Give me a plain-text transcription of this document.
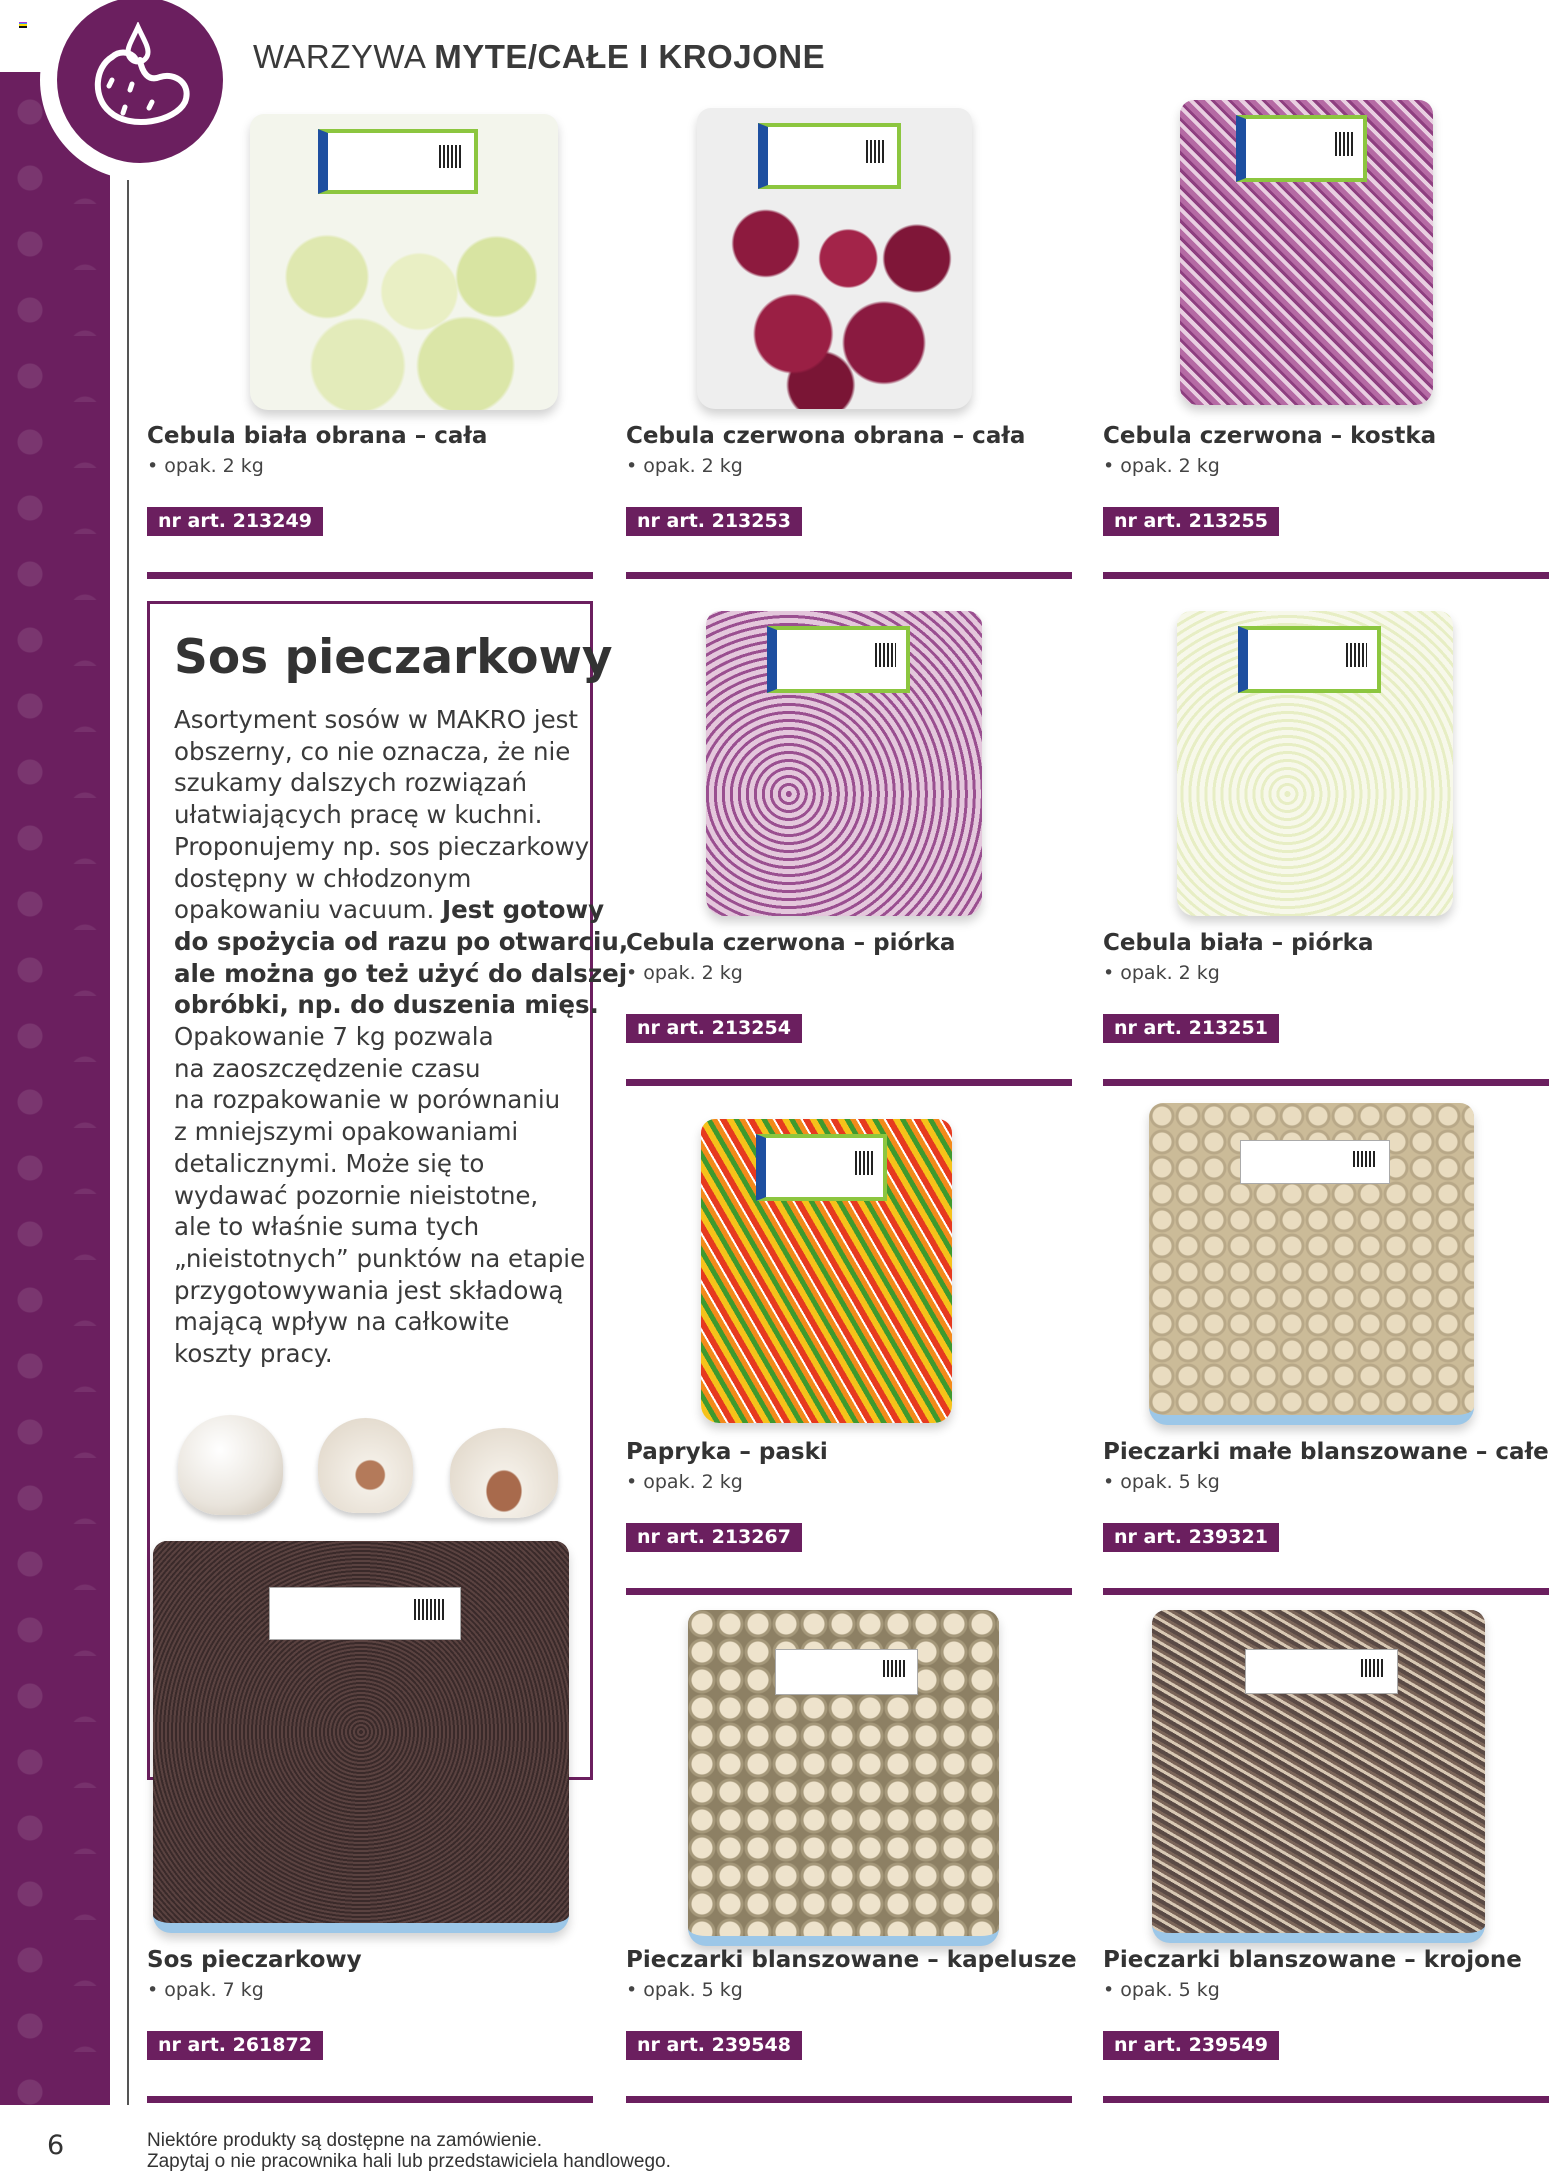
WARZYWA MYTE/CAŁE I KROJONE
Sos pieczarkowy
Asortyment sosów w MAKRO jest
obszerny, co nie oznacza, że nie
szukamy dalszych rozwiązań
ułatwiających pracę w kuchni.
Proponujemy np. sos pieczarkowy
dostępny w chłodzonym
opakowaniu vacuum. Jest gotowy
do spożycia od razu po otwarciu,
ale można go też użyć do dalszej
obróbki, np. do duszenia mięs.
Opakowanie 7 kg pozwala
na zaoszczędzenie czasu
na rozpakowanie w porównaniu
z mniejszymi opakowaniami
detalicznymi. Może się to
wydawać pozornie nieistotne,
ale to właśnie suma tych
„nieistotnych” punktów na etapie
przygotowywania jest składową
mającą wpływ na całkowite
koszty pracy.
Cebula biała obrana – cała
• opak. 2 kg
nr art. 213249
Cebula czerwona obrana – cała
• opak. 2 kg
nr art. 213253
Cebula czerwona – kostka
• opak. 2 kg
nr art. 213255
Cebula czerwona – piórka
• opak. 2 kg
nr art. 213254
Cebula biała – piórka
• opak. 2 kg
nr art. 213251
Papryka – paski
• opak. 2 kg
nr art. 213267
Pieczarki małe blanszowane – całe
• opak. 5 kg
nr art. 239321
Sos pieczarkowy
• opak. 7 kg
nr art. 261872
Pieczarki blanszowane – kapelusze
• opak. 5 kg
nr art. 239548
Pieczarki blanszowane – krojone
• opak. 5 kg
nr art. 239549
6	Niektóre produkty są dostępne na zamówienie.
Zapytaj o nie pracownika hali lub przedstawiciela handlowego.
